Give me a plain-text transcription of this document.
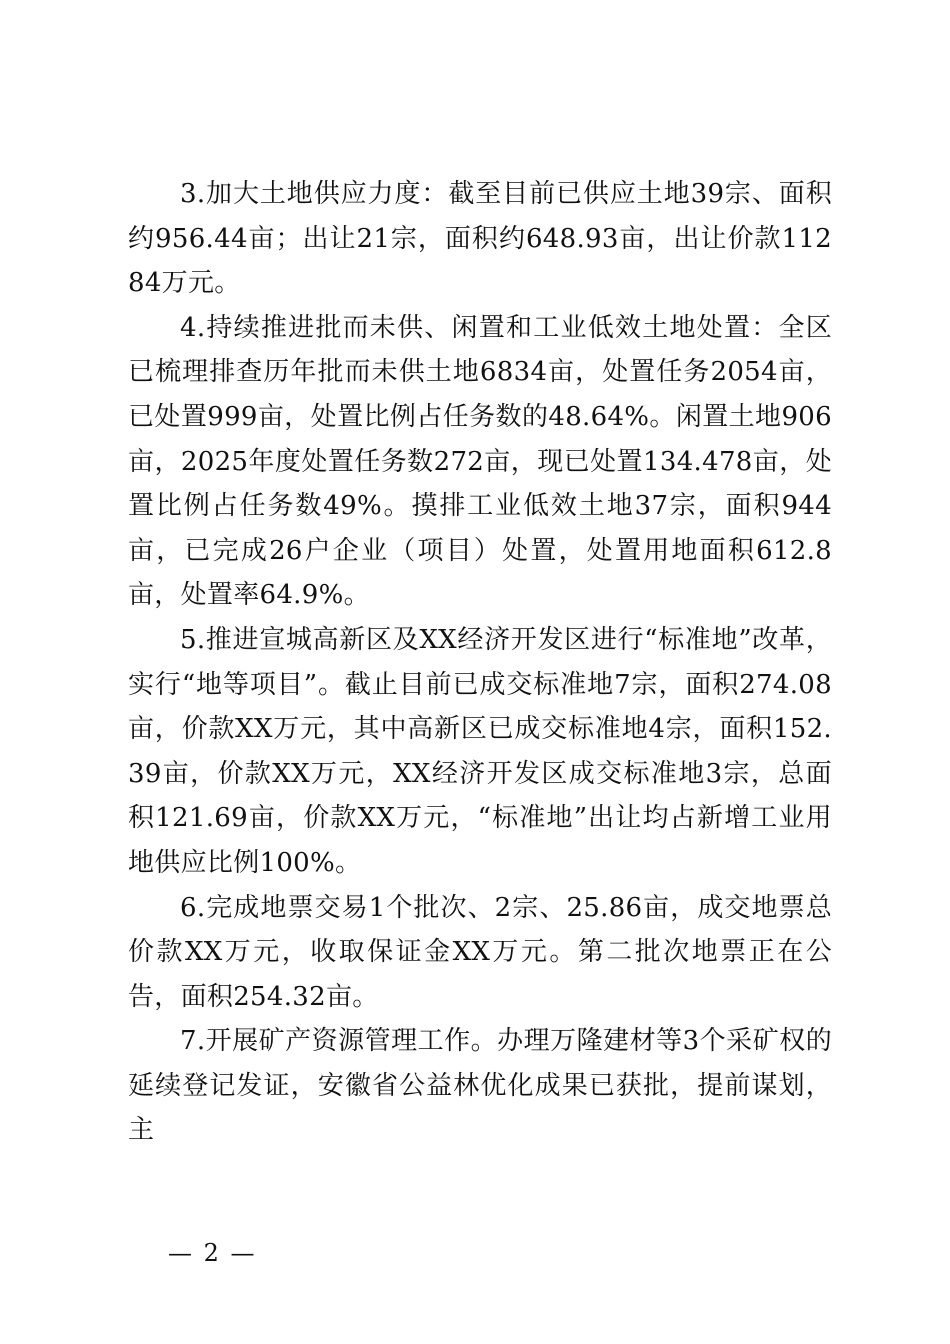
3.加大土地供应力度：截至目前已供应土地39宗、面积约956.44亩；出让21宗，面积约648.93亩，出让价款11284万元。

4.持续推进批而未供、闲置和工业低效土地处置：全区已梳理排查历年批而未供土地6834亩，处置任务2054亩，已处置999亩，处置比例占任务数的48.64%。闲置土地906亩，2025年度处置任务数272亩，现已处置134.478亩，处置比例占任务数49%。摸排工业低效土地37宗，面积944亩，已完成26户企业（项目）处置，处置用地面积612.8亩，处置率64.9%。

5.推进宣城高新区及XX经济开发区进行“标准地”改革，实行“地等项目”。截止目前已成交标准地7宗，面积274.08亩，价款XX万元，其中高新区已成交标准地4宗，面积152.39亩，价款XX万元，XX经济开发区成交标准地3宗，总面积121.69亩，价款XX万元，“标准地”出让均占新增工业用地供应比例100%。

6.完成地票交易1个批次、2宗、25.86亩，成交地票总价款XX万元，收取保证金XX万元。第二批次地票正在公告，面积254.32亩。

7.开展矿产资源管理工作。办理万隆建材等3个采矿权的延续登记发证，安徽省公益林优化成果已获批，提前谋划，主

— 2 —
